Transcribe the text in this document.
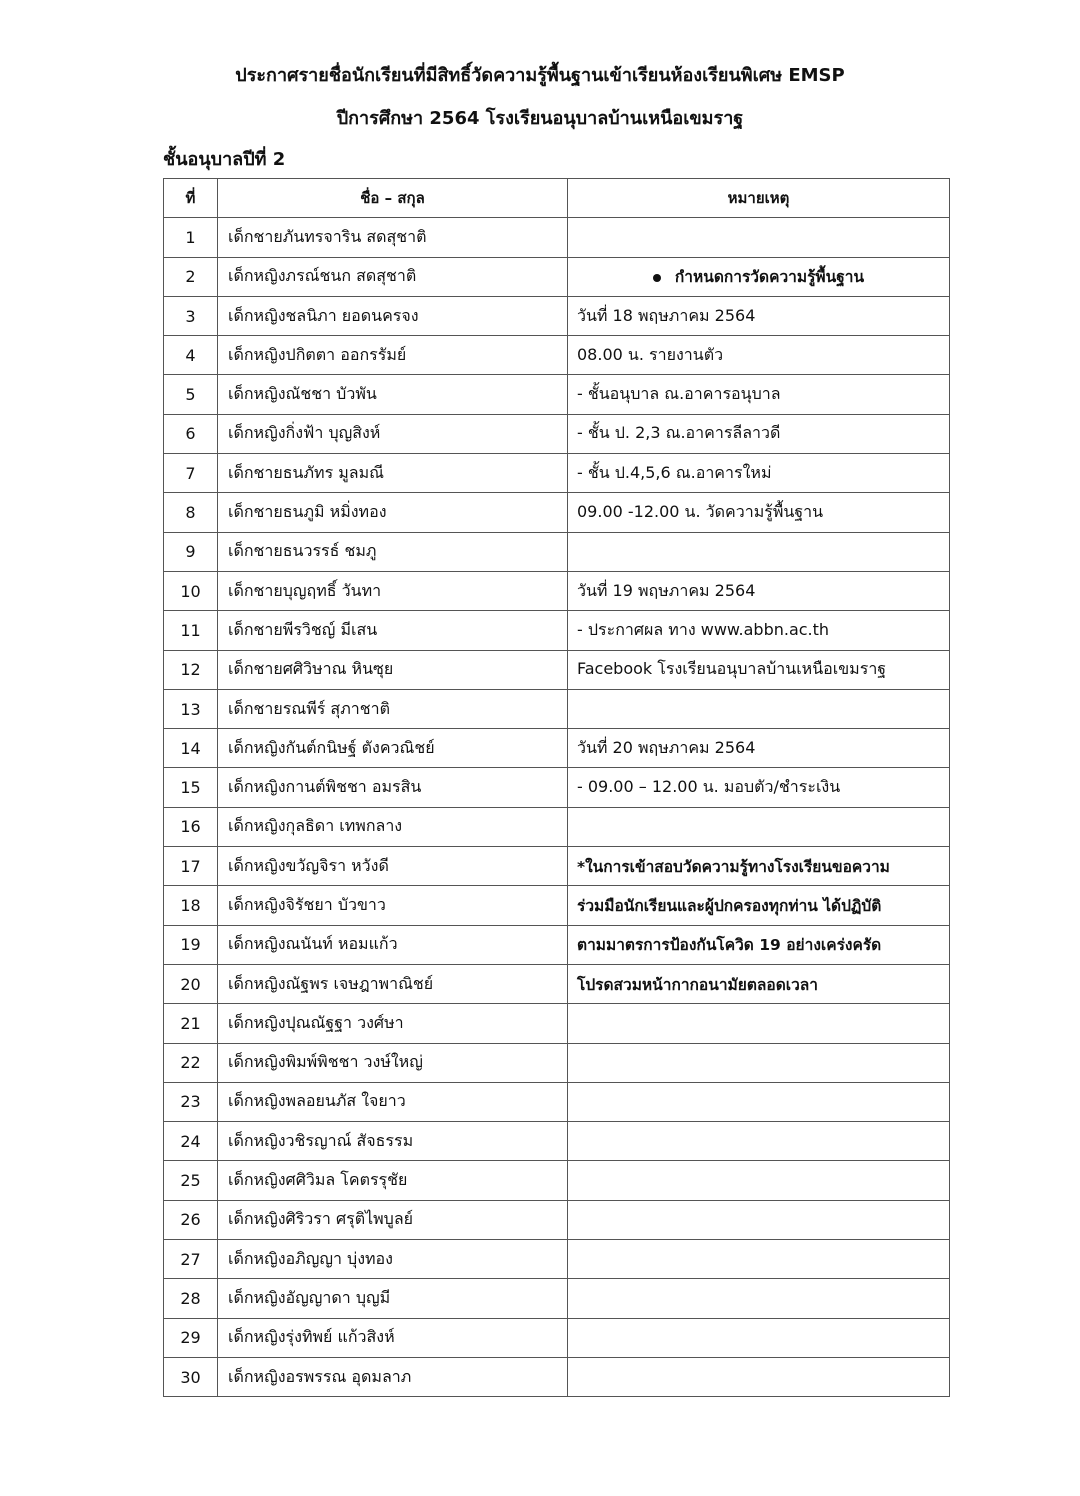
ประกาศรายชื่อนักเรียนที่มีสิทธิ์วัดความรู้พื้นฐานเข้าเรียนห้องเรียนพิเศษ EMSP
ปีการศึกษา 2564 โรงเรียนอนุบาลบ้านเหนือเขมราฐ
ชั้นอนุบาลปีที่ 2
ที่	ชื่อ – สกุล	หมายเหตุ
1	เด็กชายภันทรจาริน สดสุชาติ	
2	เด็กหญิงภรณ์ชนก สดสุชาติ	กำหนดการวัดความรู้พื้นฐาน
3	เด็กหญิงชลนิภา ยอดนครจง	วันที่ 18 พฤษภาคม 2564
4	เด็กหญิงปกิตตา ออกรรัมย์	08.00 น. รายงานตัว
5	เด็กหญิงณัชชา บัวพัน	- ชั้นอนุบาล ณ.อาคารอนุบาล
6	เด็กหญิงกิ่งฟ้า บุญสิงห์	- ชั้น ป. 2,3 ณ.อาคารลีลาวดี
7	เด็กชายธนภัทร มูลมณี	- ชั้น ป.4,5,6 ณ.อาคารใหม่
8	เด็กชายธนภูมิ หมิ่งทอง	09.00 -12.00 น. วัดความรู้พื้นฐาน
9	เด็กชายธนวรรธ์ ชมภู	
10	เด็กชายบุญฤทธิ์ วันทา	วันที่ 19 พฤษภาคม 2564
11	เด็กชายพีรวิชญ์ มีเสน	- ประกาศผล ทาง www.abbn.ac.th
12	เด็กชายศศิวิษาณ หินซุย	Facebook โรงเรียนอนุบาลบ้านเหนือเขมราฐ
13	เด็กชายรณพีร์ สุภาชาติ	
14	เด็กหญิงกันต์กนิษฐ์ ตังควณิชย์	วันที่ 20 พฤษภาคม 2564
15	เด็กหญิงกานต์พิชชา อมรสิน	- 09.00 – 12.00 น. มอบตัว/ชำระเงิน
16	เด็กหญิงกุลธิดา เทพกลาง	
17	เด็กหญิงขวัญจิรา หวังดี	*ในการเข้าสอบวัดความรู้ทางโรงเรียนขอความ
18	เด็กหญิงจิรัชยา บัวขาว	ร่วมมือนักเรียนและผู้ปกครองทุกท่าน ได้ปฏิบัติ
19	เด็กหญิงณนันท์ หอมแก้ว	ตามมาตรการป้องกันโควิด 19 อย่างเคร่งครัด
20	เด็กหญิงณัฐพร เจษฎาพาณิชย์	โปรดสวมหน้ากากอนามัยตลอดเวลา
21	เด็กหญิงปุณณัฐฐา วงศ์ษา	
22	เด็กหญิงพิมพ์พิชชา วงษ์ใหญ่	
23	เด็กหญิงพลอยนภัส ใจยาว	
24	เด็กหญิงวชิรญาณ์ สัจธรรม	
25	เด็กหญิงศศิวิมล โคตรรุชัย	
26	เด็กหญิงศิริวรา ศรุติไพบูลย์	
27	เด็กหญิงอภิญญา บุ่งทอง	
28	เด็กหญิงอัญญาดา บุญมี	
29	เด็กหญิงรุ่งทิพย์ แก้วสิงห์	
30	เด็กหญิงอรพรรณ อุดมลาภ	
